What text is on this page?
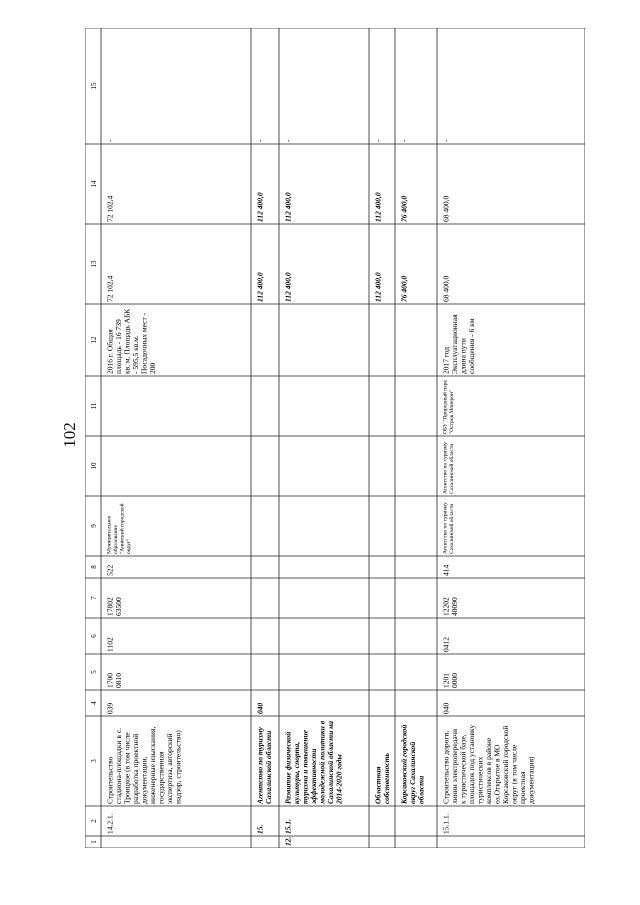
102
1
2
3
4
5
6
7
8
9
10
11
12
13
14
15
14.2.1.
Строительствостадиона-площадки в с.Троицкое (в том числеразработка проектнойдокументации,инженерные изыскания,государственнаяэкспертиза, авторскийнадзор, строительство)
039
17000810
1102
1780263500
522
Муниципальноеобразование"Анивский городскойокруг"
2016 г. Общаяплощадь - 16 739кв. м. Площадь АБК- 595,5 кв.м.Посадочных мест -200
72 102,4
72 102,4
-
15.
Агентство по туризмуСахалинской области
040
112 400,0
112 400,0
-
12.
15.1.
Развитие физическойкультуры, спорта,туризма и повышениеэффективностимолодежной политики вСахалинской области на2014-2020 годы
112 400,0
112 400,0
-
Областнаясобственность
112 400,0
112 400,0
-
Корсаковский городскойокруг Сахалинскойобласти
76 400,0
76 400,0
-
15.1.1.
Строительство дороги,линии электропередачик туристической базе,площадок под установкутуристическихкомплексов в районеоз.Открытое в МОКорсаковский городскойокруг (в том числепроектнаядокументация)
040
12010000
0412
1220240090
414
Агентство по туризмуСахалинской области
Агентство по туризмуСахалинской области
ОБУ "Природный парк"Остров Монерон"
2017 годЭксплуатационнаядлина путисообщения - 6 км
68 400,0
68 400,0
-
